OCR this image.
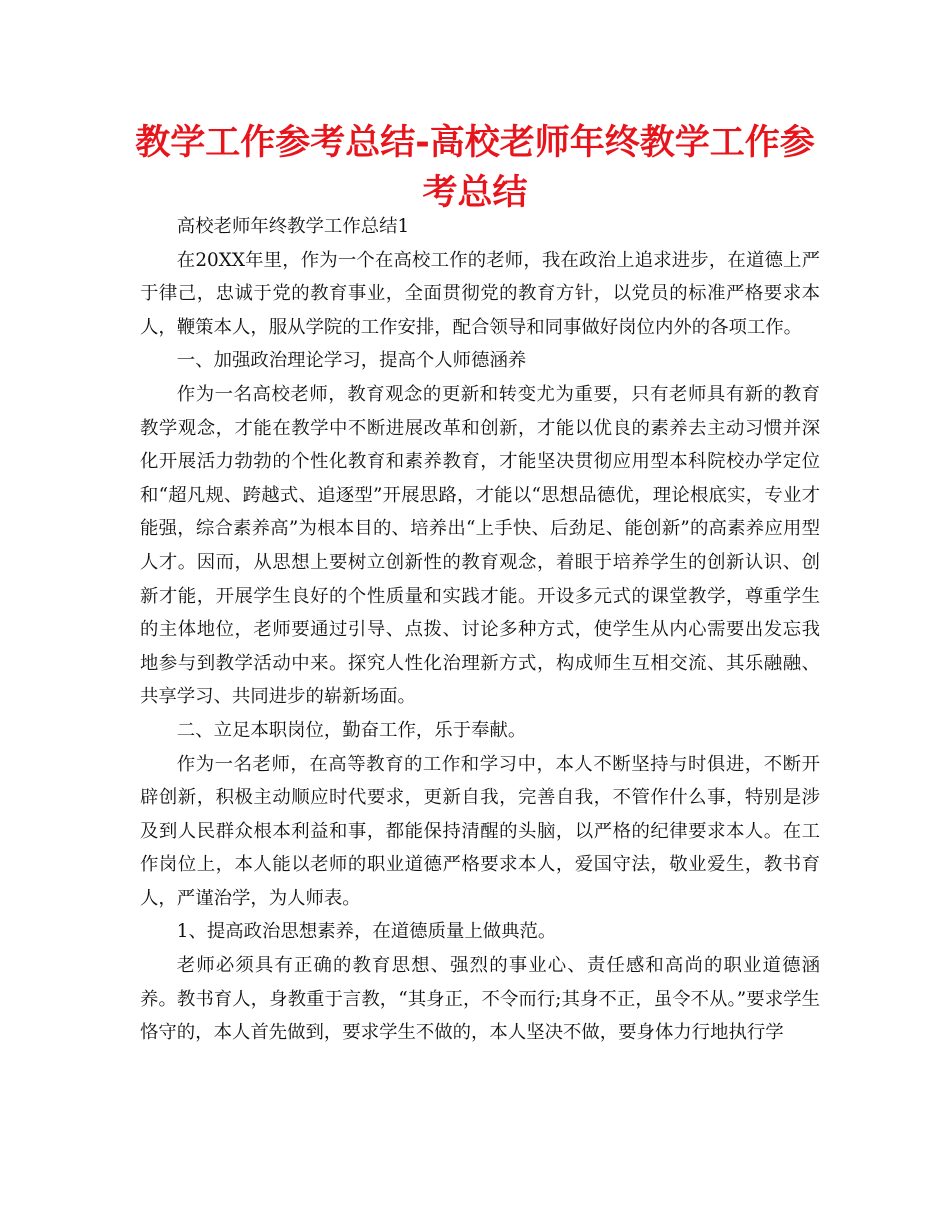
教学工作参考总结-高校老师年终教学工作参考总结

高校老师年终教学工作总结1

在20XX年里，作为一个在高校工作的老师，我在政治上追求进步，在道德上严于律己，忠诚于党的教育事业，全面贯彻党的教育方针，以党员的标准严格要求本人，鞭策本人，服从学院的工作安排，配合领导和同事做好岗位内外的各项工作。

一、加强政治理论学习，提高个人师德涵养

作为一名高校老师，教育观念的更新和转变尤为重要，只有老师具有新的教育教学观念，才能在教学中不断进展改革和创新，才能以优良的素养去主动习惯并深化开展活力勃勃的个性化教育和素养教育，才能坚决贯彻应用型本科院校办学定位和“超凡规、跨越式、追逐型”开展思路，才能以“思想品德优，理论根底实，专业才能强，综合素养高”为根本目的、培养出“上手快、后劲足、能创新”的高素养应用型人才。因而，从思想上要树立创新性的教育观念，着眼于培养学生的创新认识、创新才能，开展学生良好的个性质量和实践才能。开设多元式的课堂教学，尊重学生的主体地位，老师要通过引导、点拨、讨论多种方式，使学生从内心需要出发忘我地参与到教学活动中来。探究人性化治理新方式，构成师生互相交流、其乐融融、共享学习、共同进步的崭新场面。

二、立足本职岗位，勤奋工作，乐于奉献。

作为一名老师，在高等教育的工作和学习中，本人不断坚持与时俱进，不断开辟创新，积极主动顺应时代要求，更新自我，完善自我，不管作什么事，特别是涉及到人民群众根本利益和事，都能保持清醒的头脑，以严格的纪律要求本人。在工作岗位上，本人能以老师的职业道德严格要求本人，爱国守法，敬业爱生，教书育人，严谨治学，为人师表。

1、提高政治思想素养，在道德质量上做典范。

老师必须具有正确的教育思想、强烈的事业心、责任感和高尚的职业道德涵养。教书育人，身教重于言教，“其身正，不令而行;其身不正，虽令不从。”要求学生恪守的，本人首先做到，要求学生不做的，本人坚决不做，要身体力行地执行学
